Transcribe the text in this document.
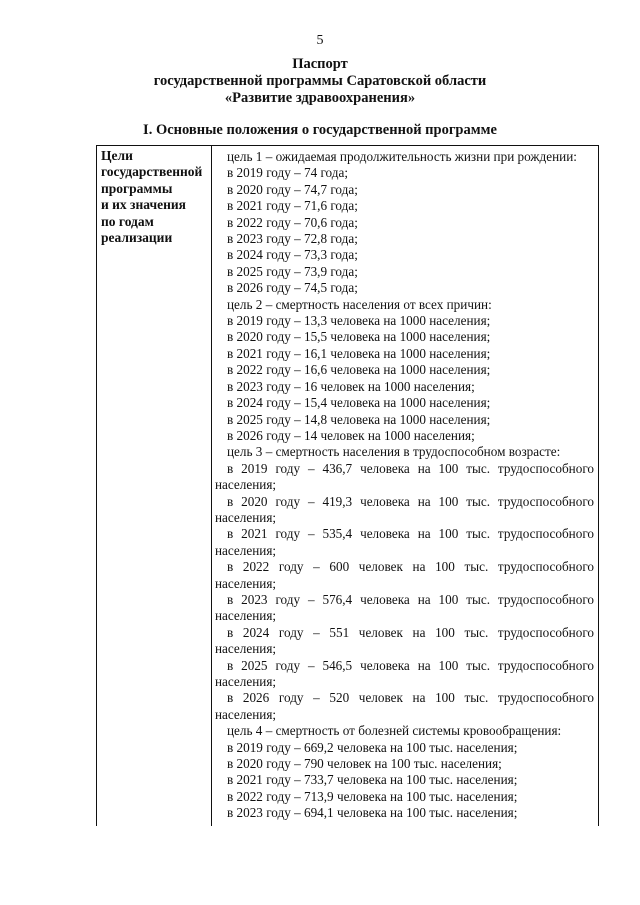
5
Паспорт
государственной программы Саратовской области
«Развитие здравоохранения»
I. Основные положения о государственной программе
Цели
государственной
программы
и их значения
по годам
реализации
цель 1 – ожидаемая продолжительность жизни при рождении:
в 2019 году – 74 года;
в 2020 году – 74,7 года;
в 2021 году – 71,6 года;
в 2022 году – 70,6 года;
в 2023 году – 72,8 года;
в 2024 году – 73,3 года;
в 2025 году – 73,9 года;
в 2026 году – 74,5 года;
цель 2 – смертность населения от всех причин:
в 2019 году – 13,3 человека на 1000 населения;
в 2020 году – 15,5 человека на 1000 населения;
в 2021 году – 16,1 человека на 1000 населения;
в 2022 году – 16,6 человека на 1000 населения;
в 2023 году – 16 человек на 1000 населения;
в 2024 году – 15,4 человека на 1000 населения;
в 2025 году – 14,8 человека на 1000 населения;
в 2026 году – 14 человек на 1000 населения;
цель 3 – смертность населения в трудоспособном возрасте:
в 2019 году – 436,7 человека на 100 тыс. трудоспособного населения;
в 2020 году – 419,3 человека на 100 тыс. трудоспособного населения;
в 2021 году – 535,4 человека на 100 тыс. трудоспособного населения;
в 2022 году – 600 человек на 100 тыс. трудоспособного населения;
в 2023 году – 576,4 человека на 100 тыс. трудоспособного населения;
в 2024 году – 551 человек на 100 тыс. трудоспособного населения;
в 2025 году – 546,5 человека на 100 тыс. трудоспособного населения;
в 2026 году – 520 человек на 100 тыс. трудоспособного населения;
цель 4 – смертность от болезней системы кровообращения:
в 2019 году – 669,2 человека на 100 тыс. населения;
в 2020 году – 790 человек на 100 тыс. населения;
в 2021 году – 733,7 человека на 100 тыс. населения;
в 2022 году – 713,9 человека на 100 тыс. населения;
в 2023 году – 694,1 человека на 100 тыс. населения;
